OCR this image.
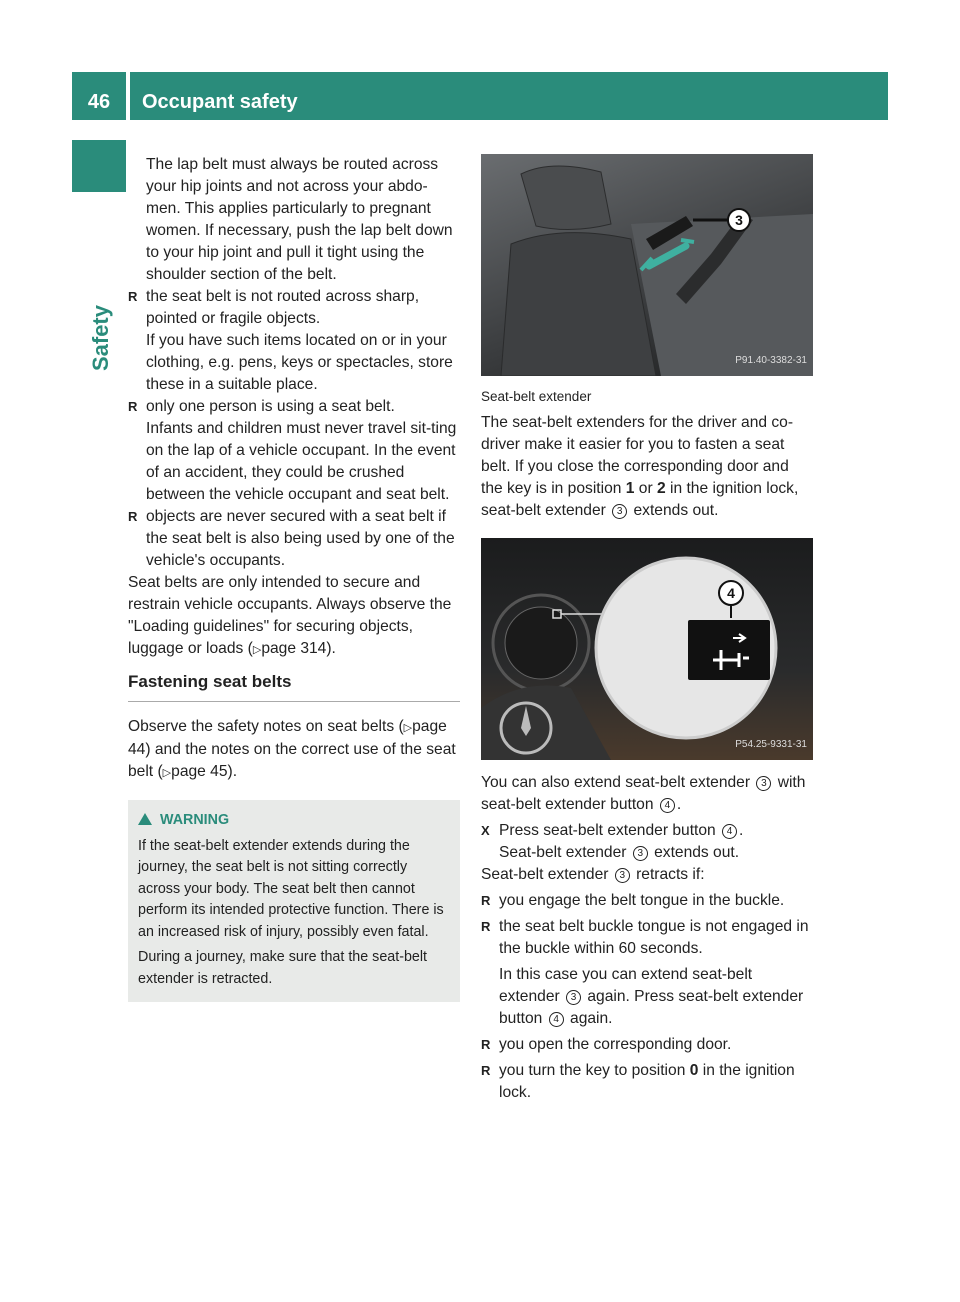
46	Occupant safety
Safety

The lap belt must always be routed across your hip joints and not across your abdo-men. This applies particularly to pregnant women. If necessary, push the lap belt down to your hip joint and pull it tight using the shoulder section of the belt.

R the seat belt is not routed across sharp, pointed or fragile objects.

If you have such items located on or in your clothing, e.g. pens, keys or spectacles, store these in a suitable place.

R only one person is using a seat belt.

Infants and children must never travel sit-ting on the lap of a vehicle occupant. In the event of an accident, they could be crushed between the vehicle occupant and seat belt.

R objects are never secured with a seat belt if the seat belt is also being used by one of the vehicle's occupants.

Seat belts are only intended to secure and restrain vehicle occupants. Always observe the "Loading guidelines" for securing objects, luggage or loads (▷page 314).

Fastening seat belts

Observe the safety notes on seat belts (▷page 44) and the notes on the correct use of the seat belt (▷page 45).

WARNING

If the seat-belt extender extends during the journey, the seat belt is not sitting correctly across your body. The seat belt then cannot perform its intended protective function. There is an increased risk of injury, possibly even fatal.

During a journey, make sure that the seat-belt extender is retracted.

3
P91.40-3382-31
Seat-belt extender

The seat-belt extenders for the driver and co-driver make it easier for you to fasten a seat belt. If you close the corresponding door and the key is in position 1 or 2 in the ignition lock, seat-belt extender 3 extends out.

4
P54.25-9331-31

You can also extend seat-belt extender 3 with seat-belt extender button 4 .

X Press seat-belt extender button 4 .

Seat-belt extender 3 extends out.

Seat-belt extender 3 retracts if:

R you engage the belt tongue in the buckle.

R the seat belt buckle tongue is not engaged in the buckle within 60 seconds.

In this case you can extend seat-belt extender 3 again. Press seat-belt extender button 4 again.

R you open the corresponding door.

R you turn the key to position 0 in the ignition lock.
